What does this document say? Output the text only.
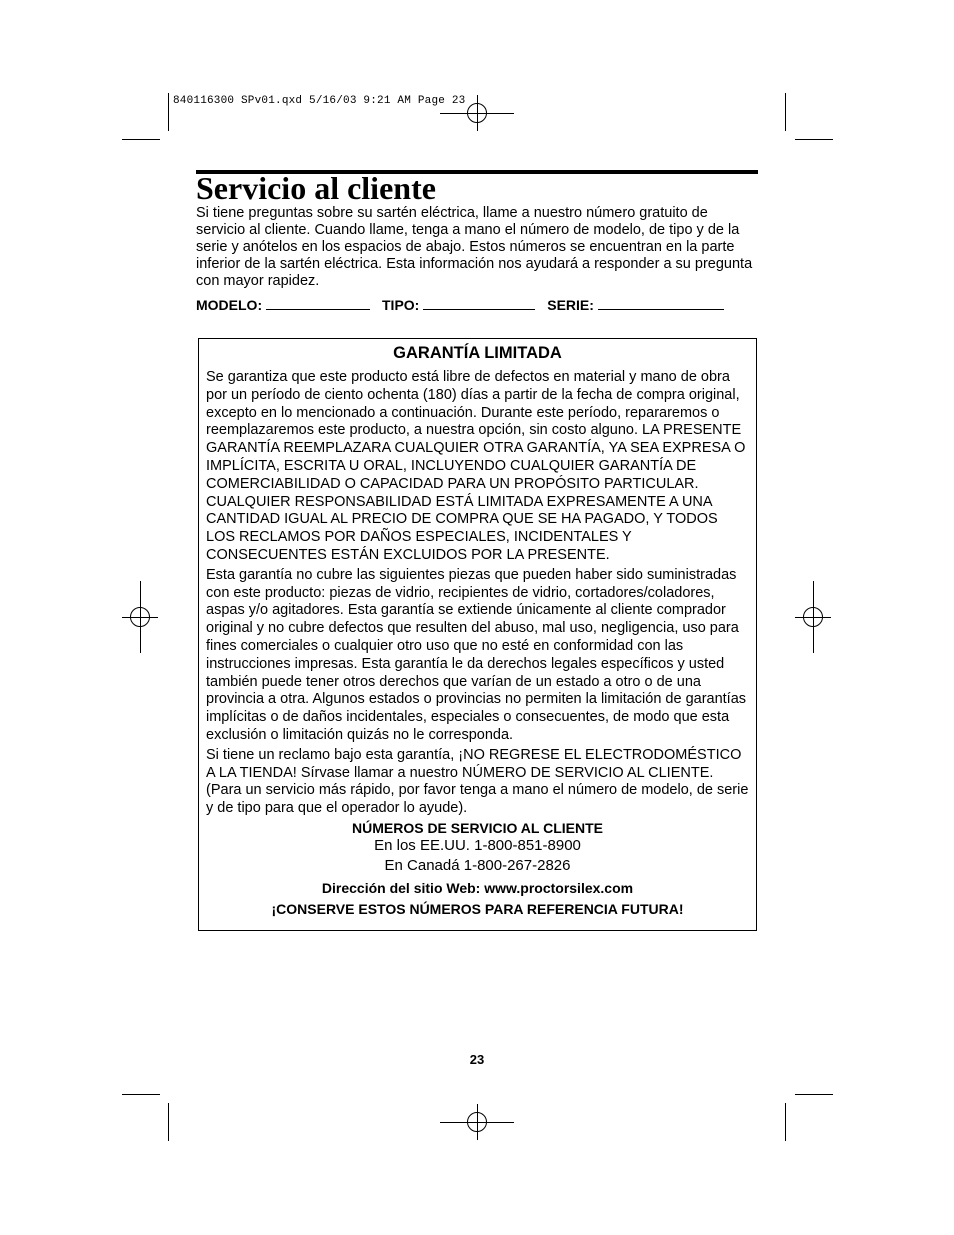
840116300 SPv01.qxd 5/16/03 9:21 AM Page 23
Servicio al cliente

Si tiene preguntas sobre su sartén eléctrica, llame a nuestro número gratuito de servicio al cliente. Cuando llame, tenga a mano el número de modelo, de tipo y de la serie y anótelos en los espacios de abajo. Estos números se encuentran en la parte inferior de la sartén eléctrica. Esta información nos ayudará a responder a su pregunta con mayor rapidez.

MODELO:	TIPO:	SERIE:
GARANTÍA LIMITADA

Se garantiza que este producto está libre de defectos en material y mano de obra por un período de ciento ochenta (180) días a partir de la fecha de compra original, excepto en lo mencionado a continuación. Durante este período, repararemos o reemplazaremos este producto, a nuestra opción, sin costo alguno. LA PRESENTE GARANTÍA REEMPLAZARA CUALQUIER OTRA GARANTÍA, YA SEA EXPRESA O IMPLÍCITA, ESCRITA U ORAL, INCLUYENDO CUALQUIER GARANTÍA DE COMERCIABILIDAD O CAPACIDAD PARA UN PROPÓSITO PARTICULAR. CUALQUIER RESPONSABILIDAD ESTÁ LIMITADA EXPRESAMENTE A UNA CANTIDAD IGUAL AL PRECIO DE COMPRA QUE SE HA PAGADO, Y TODOS LOS RECLAMOS POR DAÑOS ESPECIALES, INCIDENTALES Y CONSECUENTES ESTÁN EXCLUIDOS POR LA PRESENTE.

Esta garantía no cubre las siguientes piezas que pueden haber sido suministradas con este producto: piezas de vidrio, recipientes de vidrio, cortadores/coladores, aspas y/o agitadores. Esta garantía se extiende únicamente al cliente comprador original y no cubre defectos que resulten del abuso, mal uso, negligencia, uso para fines comerciales o cualquier otro uso que no esté en conformidad con las instrucciones impresas. Esta garantía le da derechos legales específicos y usted también puede tener otros derechos que varían de un estado a otro o de una provincia a otra. Algunos estados o provincias no permiten la limitación de garantías implícitas o de daños incidentales, especiales o consecuentes, de modo que esta exclusión o limitación quizás no le corresponda.

Si tiene un reclamo bajo esta garantía, ¡NO REGRESE EL ELECTRODOMÉSTICO A LA TIENDA! Sírvase llamar a nuestro NÚMERO DE SERVICIO AL CLIENTE. (Para un servicio más rápido, por favor tenga a mano el número de modelo, de serie y de tipo para que el operador lo ayude).

NÚMEROS DE SERVICIO AL CLIENTE
En los EE.UU. 1-800-851-8900
En Canadá 1-800-267-2826
Dirección del sitio Web: www.proctorsilex.com
¡CONSERVE ESTOS NÚMEROS PARA REFERENCIA FUTURA!
23
